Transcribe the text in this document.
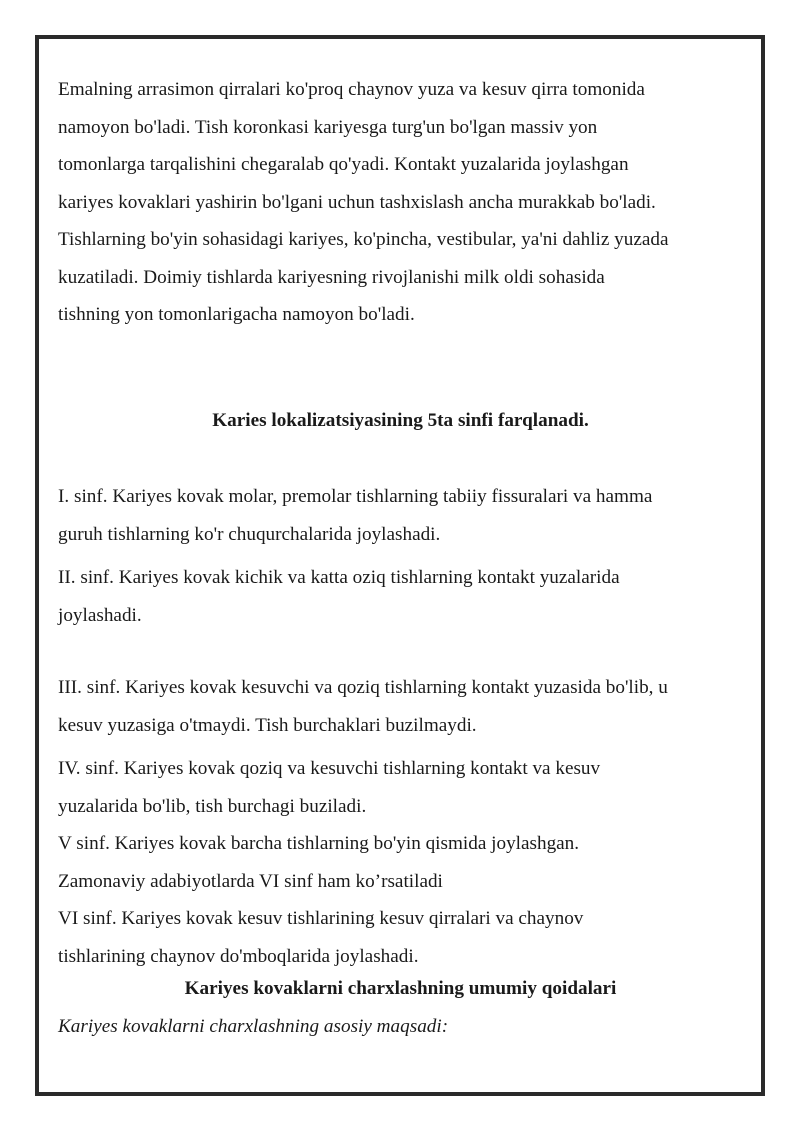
Emalning arrasimon qirralari ko'proq chaynov yuza va kesuv qirra tomonida
namoyon bo'ladi. Tish koronkasi kariyesga turg'un bo'lgan massiv yon
tomonlarga tarqalishini chegaralab qo'yadi. Kontakt yuzalarida joylashgan
kariyes kovaklari yashirin bo'lgani uchun tashxislash ancha murakkab bo'ladi.
Tishlarning bo'yin sohasidagi kariyes, ko'pincha, vestibular, ya'ni dahliz yuzada
kuzatiladi. Doimiy tishlarda kariyesning rivojlanishi milk oldi sohasida
tishning yon tomonlarigacha namoyon bo'ladi.

Karies lokalizatsiyasining 5ta sinfi farqlanadi.

I. sinf. Kariyes kovak molar, premolar tishlarning tabiiy fissuralari va hamma
guruh tishlarning ko'r chuqurchalarida joylashadi.
II. sinf. Kariyes kovak kichik va katta oziq tishlarning kontakt yuzalarida
joylashadi.
III. sinf. Kariyes kovak kesuvchi va qoziq tishlarning kontakt yuzasida bo'lib, u
kesuv yuzasiga o'tmaydi. Tish burchaklari buzilmaydi.
IV. sinf. Kariyes kovak qoziq va kesuvchi tishlarning kontakt va kesuv
yuzalarida bo'lib, tish burchagi buziladi.
V sinf. Kariyes kovak barcha tishlarning bo'yin qismida joylashgan.
Zamonaviy adabiyotlarda VI sinf ham ko’rsatiladi
VI sinf. Kariyes kovak kesuv tishlarining kesuv qirralari va chaynov
tishlarining chaynov do'mboqlarida joylashadi.

Kariyes kovaklarni charxlashning umumiy qoidalari

Kariyes kovaklarni charxlashning asosiy maqsadi:
